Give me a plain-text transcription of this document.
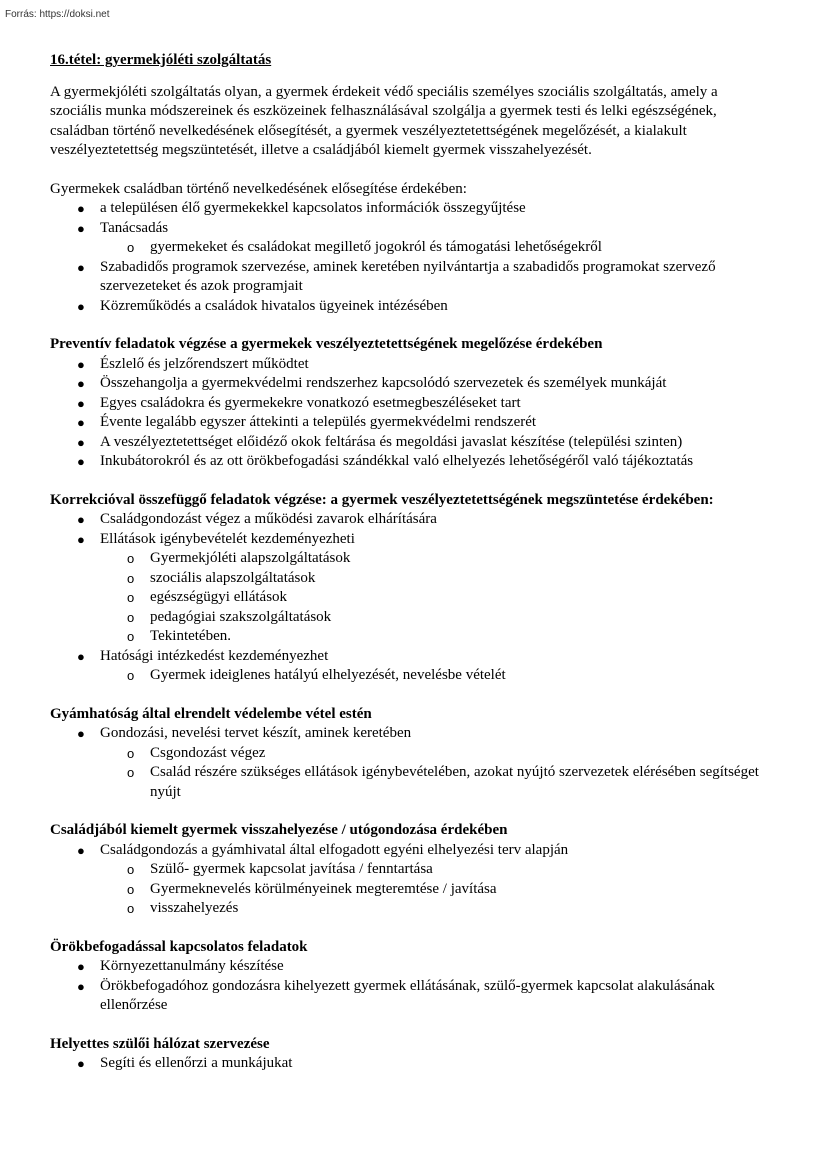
Forrás: https://doksi.net

16.tétel: gyermekjóléti szolgáltatás

A gyermekjóléti szolgáltatás olyan, a gyermek érdekeit védő speciális személyes szociális szolgáltatás, amely a szociális munka módszereinek és eszközeinek felhasználásával szolgálja a gyermek testi és lelki egészségének, családban történő nevelkedésének elősegítését, a gyermek veszélyeztetettségének megelőzését, a kialakult veszélyeztetettség megszüntetését, illetve a családjából kiemelt gyermek visszahelyezését.

Gyermekek családban történő nevelkedésének elősegítése érdekében:

● a településen élő gyermekekkel kapcsolatos információk összegyűjtése
● Tanácsadás
o gyermekeket és családokat megillető jogokról és támogatási lehetőségekről
● Szabadidős programok szervezése, aminek keretében nyilvántartja a szabadidős programokat szervező szervezeteket és azok programjait
● Közreműködés a családok hivatalos ügyeinek intézésében

Preventív feladatok végzése a gyermekek veszélyeztetettségének megelőzése érdekében

● Észlelő és jelzőrendszert működtet
● Összehangolja a gyermekvédelmi rendszerhez kapcsolódó szervezetek és személyek munkáját
● Egyes családokra és gyermekekre vonatkozó esetmegbeszéléseket tart
● Évente legalább egyszer áttekinti a település gyermekvédelmi rendszerét
● A veszélyeztetettséget előidéző okok feltárása és megoldási javaslat készítése (települési szinten)
● Inkubátorokról és az ott örökbefogadási szándékkal való elhelyezés lehetőségéről való tájékoztatás

Korrekcióval összefüggő feladatok végzése: a gyermek veszélyeztetettségének megszüntetése érdekében:

● Családgondozást végez a működési zavarok elhárítására
● Ellátások igénybevételét kezdeményezheti
o Gyermekjóléti alapszolgáltatások
o szociális alapszolgáltatások
o egészségügyi ellátások
o pedagógiai szakszolgáltatások
o Tekintetében.
● Hatósági intézkedést kezdeményezhet
o Gyermek ideiglenes hatályú elhelyezését, nevelésbe vételét

Gyámhatóság által elrendelt védelembe vétel estén

● Gondozási, nevelési tervet készít, aminek keretében
o Csgondozást végez
o Család részére szükséges ellátások igénybevételében, azokat nyújtó szervezetek elérésében segítséget nyújt

Családjából kiemelt gyermek visszahelyezése / utógondozása érdekében

● Családgondozás a gyámhivatal által elfogadott egyéni elhelyezési terv alapján
o Szülő- gyermek kapcsolat javítása / fenntartása
o Gyermeknevelés körülményeinek megteremtése / javítása
o visszahelyezés

Örökbefogadással kapcsolatos feladatok

● Környezettanulmány készítése
● Örökbefogadóhoz gondozásra kihelyezett gyermek ellátásának, szülő-gyermek kapcsolat alakulásának ellenőrzése

Helyettes szülői hálózat szervezése

● Segíti és ellenőrzi a munkájukat
